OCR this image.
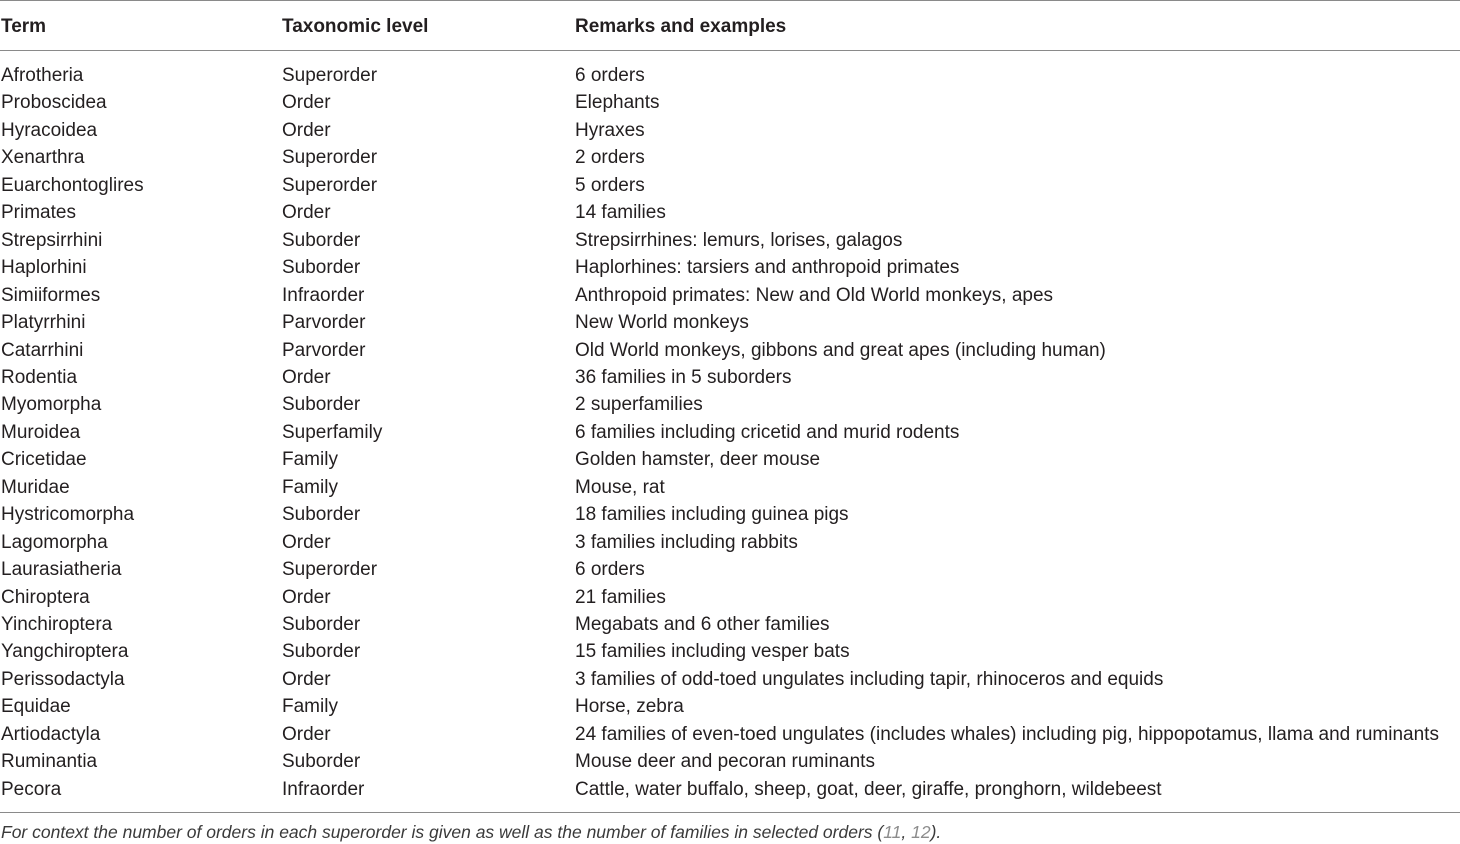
Term	Taxonomic level	Remarks and examples
Afrotheria	Superorder	6 orders
Proboscidea	Order	Elephants
Hyracoidea	Order	Hyraxes
Xenarthra	Superorder	2 orders
Euarchontoglires	Superorder	5 orders
Primates	Order	14 families
Strepsirrhini	Suborder	Strepsirrhines: lemurs, lorises, galagos
Haplorhini	Suborder	Haplorhines: tarsiers and anthropoid primates
Simiiformes	Infraorder	Anthropoid primates: New and Old World monkeys, apes
Platyrrhini	Parvorder	New World monkeys
Catarrhini	Parvorder	Old World monkeys, gibbons and great apes (including human)
Rodentia	Order	36 families in 5 suborders
Myomorpha	Suborder	2 superfamilies
Muroidea	Superfamily	6 families including cricetid and murid rodents
Cricetidae	Family	Golden hamster, deer mouse
Muridae	Family	Mouse, rat
Hystricomorpha	Suborder	18 families including guinea pigs
Lagomorpha	Order	3 families including rabbits
Laurasiatheria	Superorder	6 orders
Chiroptera	Order	21 families
Yinchiroptera	Suborder	Megabats and 6 other families
Yangchiroptera	Suborder	15 families including vesper bats
Perissodactyla	Order	3 families of odd-toed ungulates including tapir, rhinoceros and equids
Equidae	Family	Horse, zebra
Artiodactyla	Order	24 families of even-toed ungulates (includes whales) including pig, hippopotamus, llama and ruminants
Ruminantia	Suborder	Mouse deer and pecoran ruminants
Pecora	Infraorder	Cattle, water buffalo, sheep, goat, deer, giraffe, pronghorn, wildebeest
For context the number of orders in each superorder is given as well as the number of families in selected orders (11, 12).
